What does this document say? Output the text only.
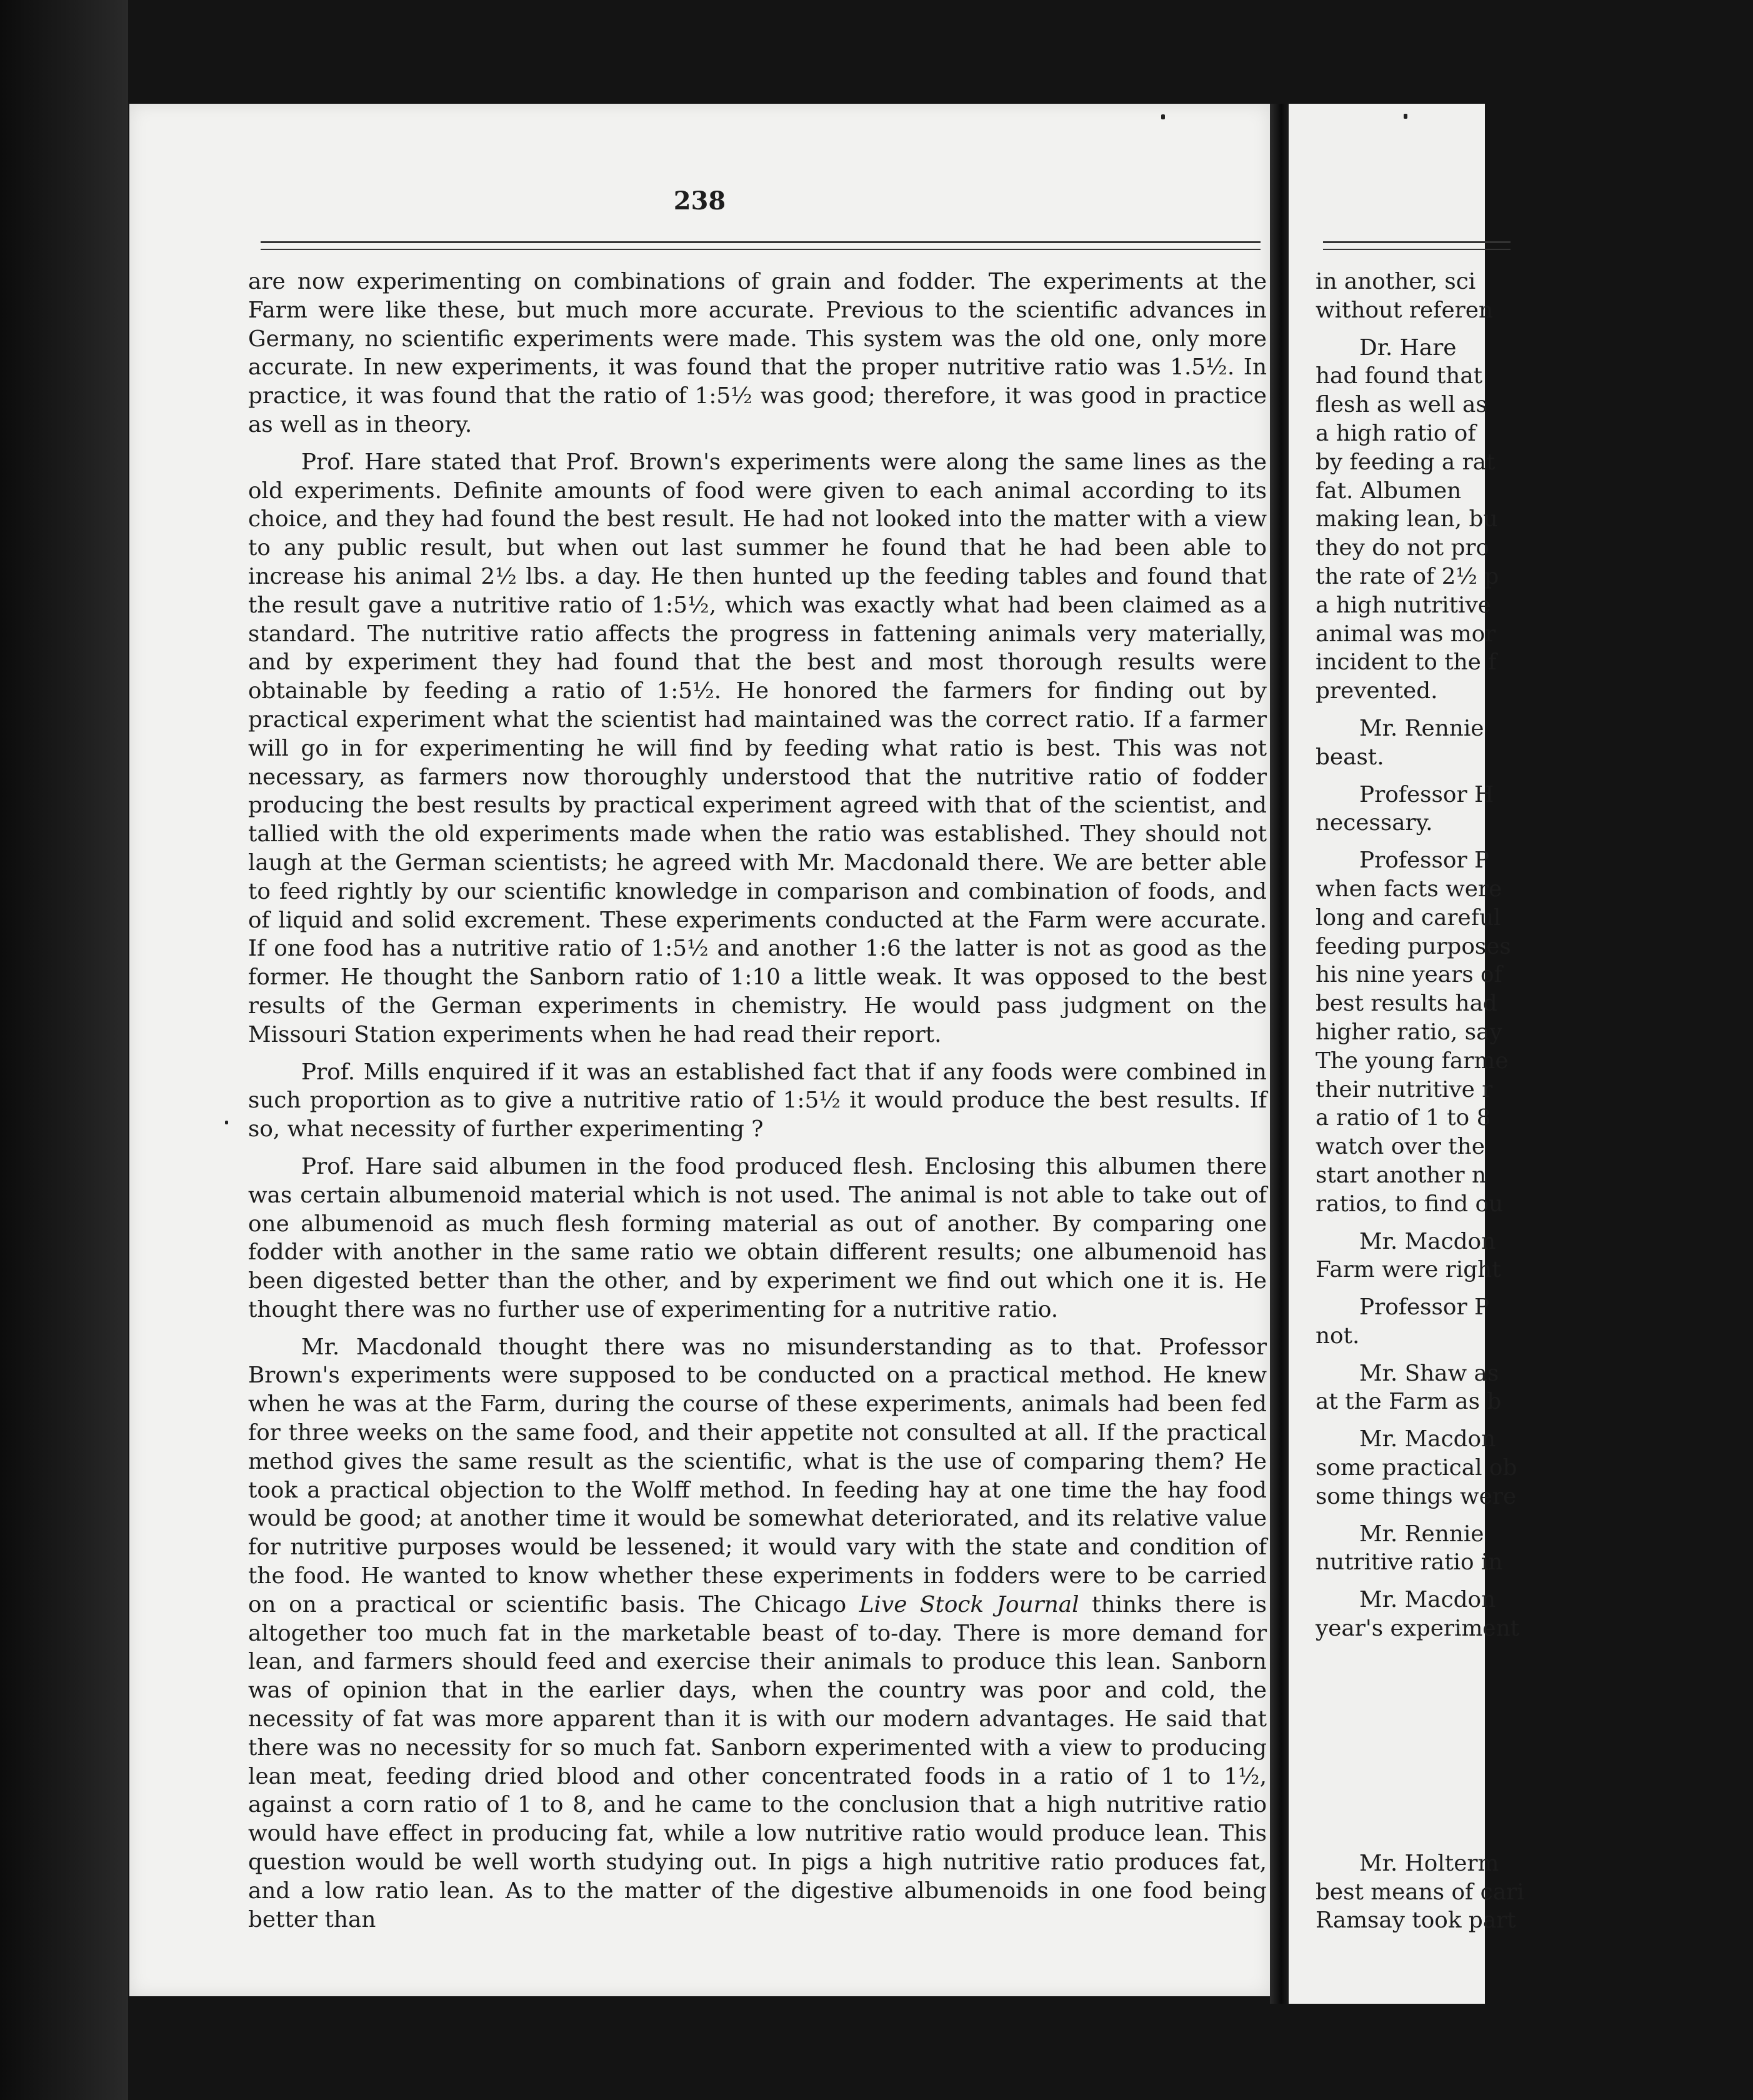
238

are now experimenting on combinations of grain and fodder. The experiments at the Farm were like these, but much more accurate. Previous to the scientific advances in Germany, no scientific experiments were made. This system was the old one, only more accurate. In new experiments, it was found that the proper nutritive ratio was 1.5½. In practice, it was found that the ratio of 1:5½ was good; therefore, it was good in practice as well as in theory.

Prof. Hare stated that Prof. Brown's experiments were along the same lines as the old experiments. Definite amounts of food were given to each animal according to its choice, and they had found the best result. He had not looked into the matter with a view to any public result, but when out last summer he found that he had been able to increase his animal 2½ lbs. a day. He then hunted up the feeding tables and found that the result gave a nutritive ratio of 1:5½, which was exactly what had been claimed as a standard. The nutritive ratio affects the progress in fattening animals very materially, and by experiment they had found that the best and most thorough results were obtainable by feeding a ratio of 1:5½. He honored the farmers for finding out by practical experiment what the scientist had maintained was the correct ratio. If a farmer will go in for experimenting he will find by feeding what ratio is best. This was not necessary, as farmers now thoroughly understood that the nutritive ratio of fodder producing the best results by practical experiment agreed with that of the scientist, and tallied with the old experiments made when the ratio was established. They should not laugh at the German scientists; he agreed with Mr. Macdonald there. We are better able to feed rightly by our scientific knowledge in comparison and combination of foods, and of liquid and solid excrement. These experiments conducted at the Farm were accurate. If one food has a nutritive ratio of 1:5½ and another 1:6 the latter is not as good as the former. He thought the Sanborn ratio of 1:10 a little weak. It was opposed to the best results of the German experiments in chemistry. He would pass judgment on the Missouri Station experiments when he had read their report.

Prof. Mills enquired if it was an established fact that if any foods were combined in such proportion as to give a nutritive ratio of 1:5½ it would produce the best results. If so, what necessity of further experimenting ?

Prof. Hare said albumen in the food produced flesh. Enclosing this albumen there was certain albumenoid material which is not used. The animal is not able to take out of one albumenoid as much flesh forming material as out of another. By comparing one fodder with another in the same ratio we obtain different results; one albumenoid has been digested better than the other, and by experiment we find out which one it is. He thought there was no further use of experimenting for a nutritive ratio.

Mr. Macdonald thought there was no misunderstanding as to that. Professor Brown's experiments were supposed to be conducted on a practical method. He knew when he was at the Farm, during the course of these experiments, animals had been fed for three weeks on the same food, and their appetite not consulted at all. If the practical method gives the same result as the scientific, what is the use of comparing them? He took a practical objection to the Wolff method. In feeding hay at one time the hay food would be good; at another time it would be somewhat deteriorated, and its relative value for nutritive purposes would be lessened; it would vary with the state and condition of the food. He wanted to know whether these experiments in fodders were to be carried on on a practical or scientific basis. The Chicago Live Stock Journal thinks there is altogether too much fat in the marketable beast of to-day. There is more demand for lean, and farmers should feed and exercise their animals to produce this lean. Sanborn was of opinion that in the earlier days, when the country was poor and cold, the necessity of fat was more apparent than it is with our modern advantages. He said that there was no necessity for so much fat. Sanborn experimented with a view to producing lean meat, feeding dried blood and other concentrated foods in a ratio of 1 to 1½, against a corn ratio of 1 to 8, and he came to the conclusion that a high nutritive ratio would have effect in producing fat, while a low nutritive ratio would produce lean. This question would be well worth studying out. In pigs a high nutritive ratio produces fat, and a low ratio lean. As to the matter of the digestive albumenoids in one food being better than

in another, sci
without referen
Dr. Hare
had found that
flesh as well as
a high ratio of
by feeding a rat
fat. Albumen
making lean, bu
they do not pro
the rate of 2½ p
a high nutritive
animal was mor
incident to the f
prevented.
Mr. Rennie
beast.
Professor H
necessary.
Professor P
when facts were
long and careful
feeding purposes
his nine years of
best results had
higher ratio, say
The young farme
their nutritive r
a ratio of 1 to 8
watch over the
start another n
ratios, to find ou
Mr. Macdon
Farm were right
Professor P
not.
Mr. Shaw as
at the Farm as b
Mr. Macdon
some practical ob
some things were
Mr. Rennie
nutritive ratio in
Mr. Macdon
year's experiment
Mr. Holterm
best means of cari
Ramsay took part
